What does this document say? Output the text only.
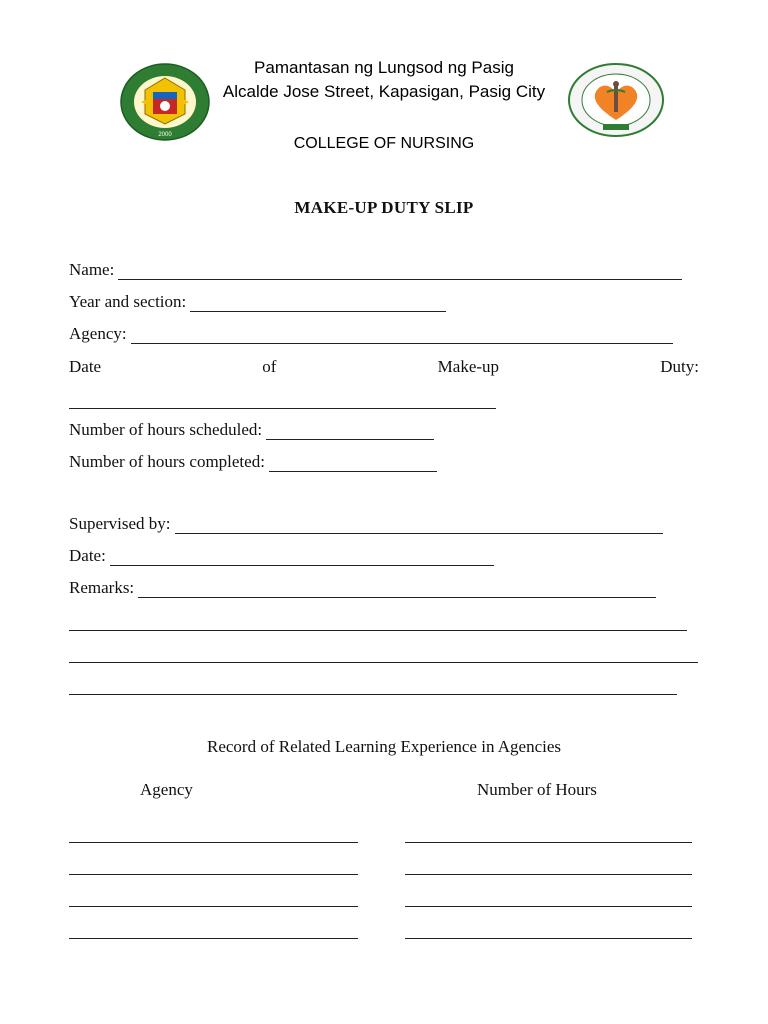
2000
Pamantasan ng Lungsod ng Pasig
Alcalde Jose Street, Kapasigan, Pasig City
COLLEGE OF NURSING
MAKE-UP DUTY SLIP
Name:
Year and section:
Agency:
Date	of	Make-up	Duty:
Number of hours scheduled:
Number of hours completed:
Supervised by:
Date:
Remarks:
Record of Related Learning Experience in Agencies
Agency	Number of Hours
